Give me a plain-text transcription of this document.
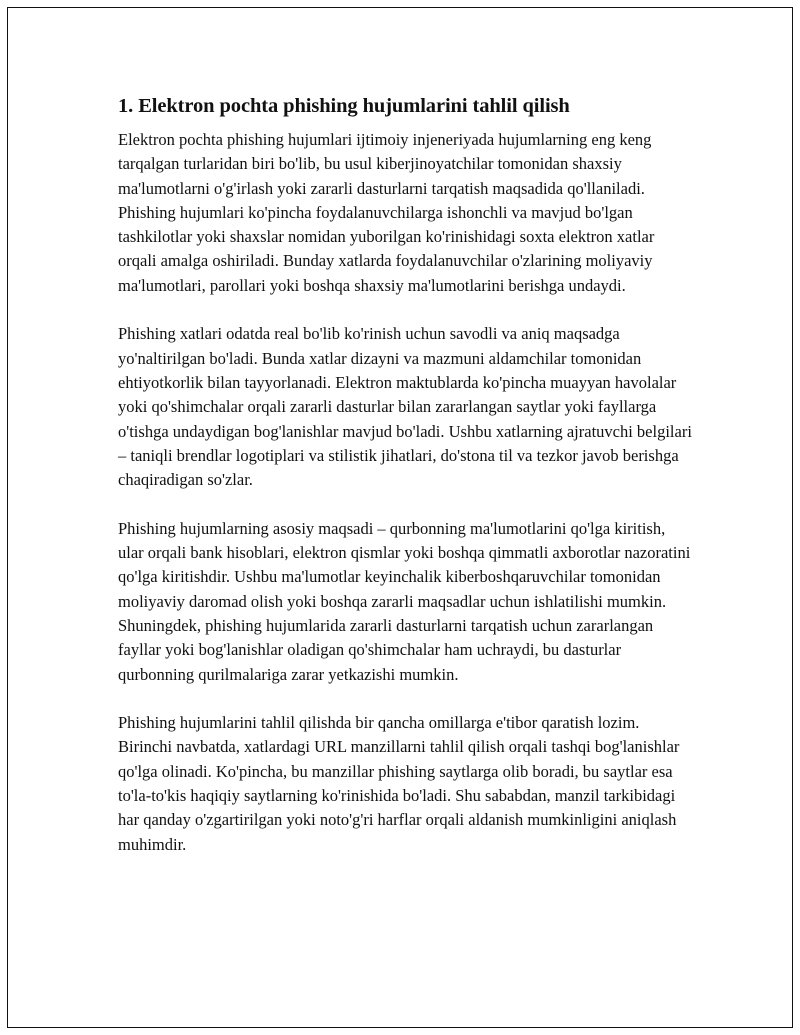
1. Elektron pochta phishing hujumlarini tahlil qilish

Elektron pochta phishing hujumlari ijtimoiy injeneriyada hujumlarning eng keng tarqalgan turlaridan biri bo'lib, bu usul kiberjinoyatchilar tomonidan shaxsiy ma'lumotlarni o'g'irlash yoki zararli dasturlarni tarqatish maqsadida qo'llaniladi. Phishing hujumlari ko'pincha foydalanuvchilarga ishonchli va mavjud bo'lgan tashkilotlar yoki shaxslar nomidan yuborilgan ko'rinishidagi soxta elektron xatlar orqali amalga oshiriladi. Bunday xatlarda foydalanuvchilar o'zlarining moliyaviy ma'lumotlari, parollari yoki boshqa shaxsiy ma'lumotlarini berishga undaydi.

Phishing xatlari odatda real bo'lib ko'rinish uchun savodli va aniq maqsadga yo'naltirilgan bo'ladi. Bunda xatlar dizayni va mazmuni aldamchilar tomonidan ehtiyotkorlik bilan tayyorlanadi. Elektron maktublarda ko'pincha muayyan havolalar yoki qo'shimchalar orqali zararli dasturlar bilan zararlangan saytlar yoki fayllarga o'tishga undaydigan bog'lanishlar mavjud bo'ladi. Ushbu xatlarning ajratuvchi belgilari – taniqli brendlar logotiplari va stilistik jihatlari, do'stona til va tezkor javob berishga chaqiradigan so'zlar.

Phishing hujumlarning asosiy maqsadi – qurbonning ma'lumotlarini qo'lga kiritish, ular orqali bank hisoblari, elektron qismlar yoki boshqa qimmatli axborotlar nazoratini qo'lga kiritishdir. Ushbu ma'lumotlar keyinchalik kiberboshqaruvchilar tomonidan moliyaviy daromad olish yoki boshqa zararli maqsadlar uchun ishlatilishi mumkin. Shuningdek, phishing hujumlarida zararli dasturlarni tarqatish uchun zararlangan fayllar yoki bog'lanishlar oladigan qo'shimchalar ham uchraydi, bu dasturlar qurbonning qurilmalariga zarar yetkazishi mumkin.

Phishing hujumlarini tahlil qilishda bir qancha omillarga e'tibor qaratish lozim. Birinchi navbatda, xatlardagi URL manzillarni tahlil qilish orqali tashqi bog'lanishlar qo'lga olinadi. Ko'pincha, bu manzillar phishing saytlarga olib boradi, bu saytlar esa to'la-to'kis haqiqiy saytlarning ko'rinishida bo'ladi. Shu sababdan, manzil tarkibidagi har qanday o'zgartirilgan yoki noto'g'ri harflar orqali aldanish mumkinligini aniqlash muhimdir.
